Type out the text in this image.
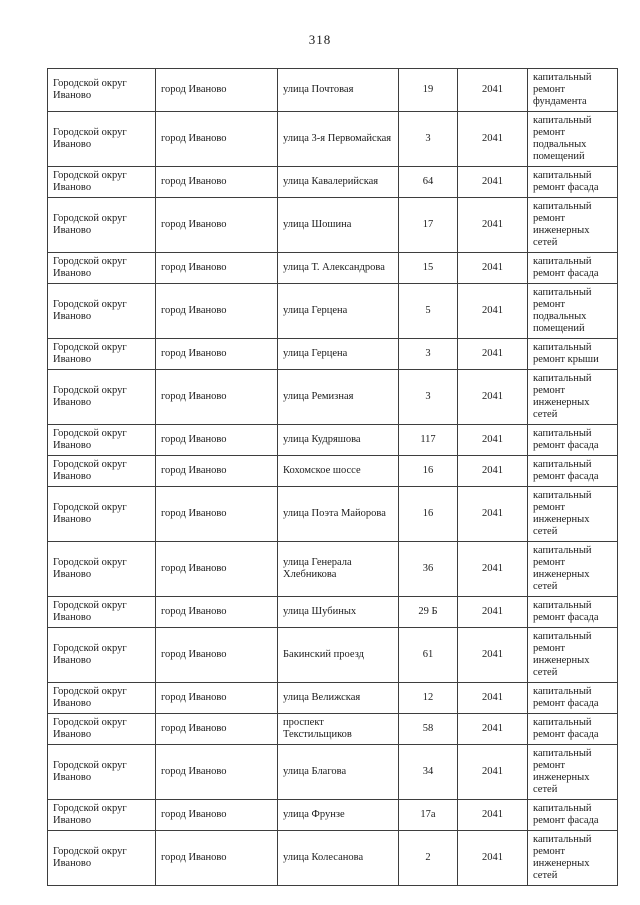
318
Городской округ Иваново	город Иваново	улица Почтовая	19	2041	капитальный ремонт фундамента
Городской округ Иваново	город Иваново	улица 3-я Первомайская	3	2041	капитальный ремонт подвальных помещений
Городской округ Иваново	город Иваново	улица Кавалерийская	64	2041	капитальный ремонт фасада
Городской округ Иваново	город Иваново	улица Шошина	17	2041	капитальный ремонт инженерных сетей
Городской округ Иваново	город Иваново	улица Т. Александрова	15	2041	капитальный ремонт фасада
Городской округ Иваново	город Иваново	улица Герцена	5	2041	капитальный ремонт подвальных помещений
Городской округ Иваново	город Иваново	улица Герцена	3	2041	капитальный ремонт крыши
Городской округ Иваново	город Иваново	улица Ремизная	3	2041	капитальный ремонт инженерных сетей
Городской округ Иваново	город Иваново	улица Кудряшова	117	2041	капитальный ремонт фасада
Городской округ Иваново	город Иваново	Кохомское шоссе	16	2041	капитальный ремонт фасада
Городской округ Иваново	город Иваново	улица Поэта Майорова	16	2041	капитальный ремонт инженерных сетей
Городской округ Иваново	город Иваново	улица Генерала Хлебникова	36	2041	капитальный ремонт инженерных сетей
Городской округ Иваново	город Иваново	улица Шубиных	29 Б	2041	капитальный ремонт фасада
Городской округ Иваново	город Иваново	Бакинский проезд	61	2041	капитальный ремонт инженерных сетей
Городской округ Иваново	город Иваново	улица Велижская	12	2041	капитальный ремонт фасада
Городской округ Иваново	город Иваново	проспект Текстильщиков	58	2041	капитальный ремонт фасада
Городской округ Иваново	город Иваново	улица Благова	34	2041	капитальный ремонт инженерных сетей
Городской округ Иваново	город Иваново	улица Фрунзе	17а	2041	капитальный ремонт фасада
Городской округ Иваново	город Иваново	улица Колесанова	2	2041	капитальный ремонт инженерных сетей
